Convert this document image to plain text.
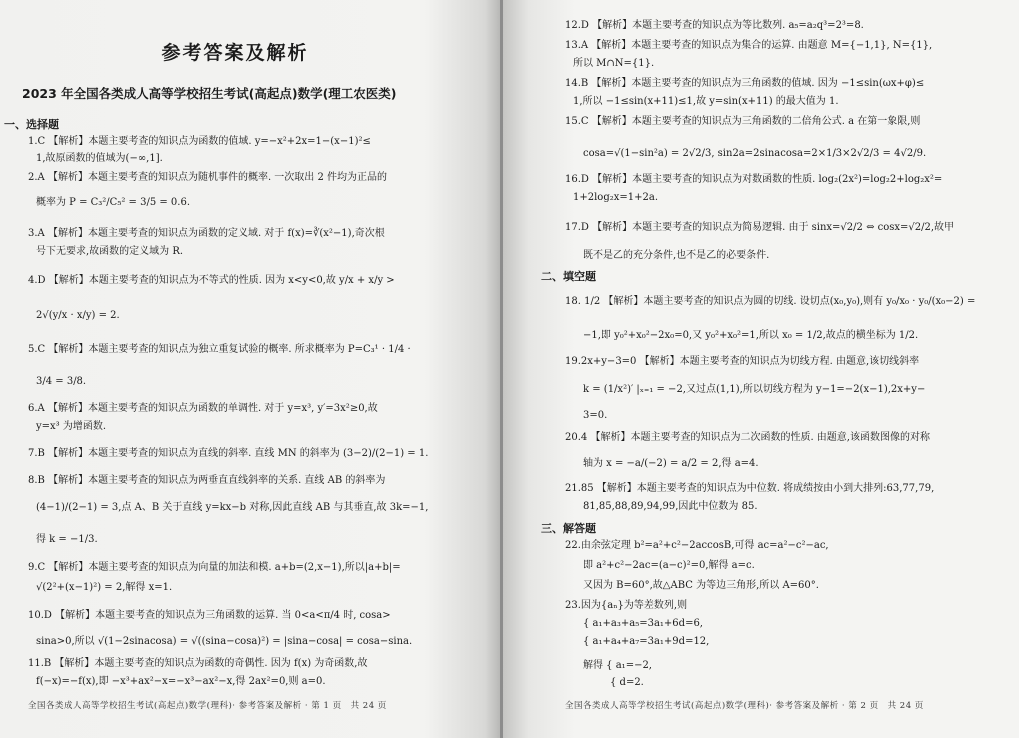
参考答案及解析
2023 年全国各类成人高等学校招生考试(高起点)数学(理工农医类)
一、选择题
1.C 【解析】本题主要考查的知识点为函数的值域. y=−x²+2x=1−(x−1)²≤
1,故原函数的值域为(−∞,1].
2.A 【解析】本题主要考查的知识点为随机事件的概率. 一次取出 2 件均为正品的
概率为 P = C₃²/C₅² = 3/5 = 0.6.
3.A 【解析】本题主要考查的知识点为函数的定义域. 对于 f(x)=∛(x²−1),奇次根
号下无要求,故函数的定义域为 R.
4.D 【解析】本题主要考查的知识点为不等式的性质. 因为 x<y<0,故 y/x + x/y >
2√(y/x · x/y) = 2.
5.C 【解析】本题主要考查的知识点为独立重复试验的概率. 所求概率为 P=C₃¹ · 1/4 ·
3/4 = 3/8.
6.A 【解析】本题主要考查的知识点为函数的单调性. 对于 y=x³, y′=3x²≥0,故
y=x³ 为增函数.
7.B 【解析】本题主要考查的知识点为直线的斜率. 直线 MN 的斜率为 (3−2)/(2−1) = 1.
8.B 【解析】本题主要考查的知识点为两垂直直线斜率的关系. 直线 AB 的斜率为
(4−1)/(2−1) = 3,点 A、B 关于直线 y=kx−b 对称,因此直线 AB 与其垂直,故 3k=−1,
得 k = −1/3.
9.C 【解析】本题主要考查的知识点为向量的加法和模. a+b=(2,x−1),所以|a+b|=
√(2²+(x−1)²) = 2,解得 x=1.
10.D 【解析】本题主要考查的知识点为三角函数的运算. 当 0<a<π/4 时, cosa>
sina>0,所以 √(1−2sinacosa) = √((sina−cosa)²) = |sina−cosa| = cosa−sina.
11.B 【解析】本题主要考查的知识点为函数的奇偶性. 因为 f(x) 为奇函数,故
f(−x)=−f(x),即 −x³+ax²−x=−x³−ax²−x,得 2ax²=0,则 a=0.
全国各类成人高等学校招生考试(高起点)数学(理科)· 参考答案及解析 · 第 1 页　共 24 页
12.D 【解析】本题主要考查的知识点为等比数列. a₅=a₂q³=2³=8.
13.A 【解析】本题主要考查的知识点为集合的运算. 由题意 M={−1,1}, N={1},
所以 M∩N={1}.
14.B 【解析】本题主要考查的知识点为三角函数的值域. 因为 −1≤sin(ωx+φ)≤
1,所以 −1≤sin(x+11)≤1,故 y=sin(x+11) 的最大值为 1.
15.C 【解析】本题主要考查的知识点为三角函数的二倍角公式. a 在第一象限,则
cosa=√(1−sin²a) = 2√2/3, sin2a=2sinacosa=2×1/3×2√2/3 = 4√2/9.
16.D 【解析】本题主要考查的知识点为对数函数的性质. log₂(2x²)=log₂2+log₂x²=
1+2log₂x=1+2a.
17.D 【解析】本题主要考查的知识点为简易逻辑. 由于 sinx=√2/2 ⇔ cosx=√2/2,故甲
既不是乙的充分条件,也不是乙的必要条件.
二、填空题
18. 1/2 【解析】本题主要考查的知识点为圆的切线. 设切点(x₀,y₀),则有 y₀/x₀ · y₀/(x₀−2) =
−1,即 y₀²+x₀²−2x₀=0,又 y₀²+x₀²=1,所以 x₀ = 1/2,故点的横坐标为 1/2.
19.2x+y−3=0 【解析】本题主要考查的知识点为切线方程. 由题意,该切线斜率
k = (1/x²)′ |ₓ₌₁ = −2,又过点(1,1),所以切线方程为 y−1=−2(x−1),2x+y−
3=0.
20.4 【解析】本题主要考查的知识点为二次函数的性质. 由题意,该函数图像的对称
轴为 x = −a/(−2) = a/2 = 2,得 a=4.
21.85 【解析】本题主要考查的知识点为中位数. 将成绩按由小到大排列:63,77,79,
81,85,88,89,94,99,因此中位数为 85.
三、解答题
22.由余弦定理 b²=a²+c²−2accosB,可得 ac=a²−c²−ac,
即 a²+c²−2ac=(a−c)²=0,解得 a=c.
又因为 B=60°,故△ABC 为等边三角形,所以 A=60°.
23.因为{aₙ}为等差数列,则
{ a₁+a₃+a₅=3a₁+6d=6,
{ a₁+a₄+a₇=3a₁+9d=12,
解得 { a₁=−2,
{ d=2.
全国各类成人高等学校招生考试(高起点)数学(理科)· 参考答案及解析 · 第 2 页　共 24 页
